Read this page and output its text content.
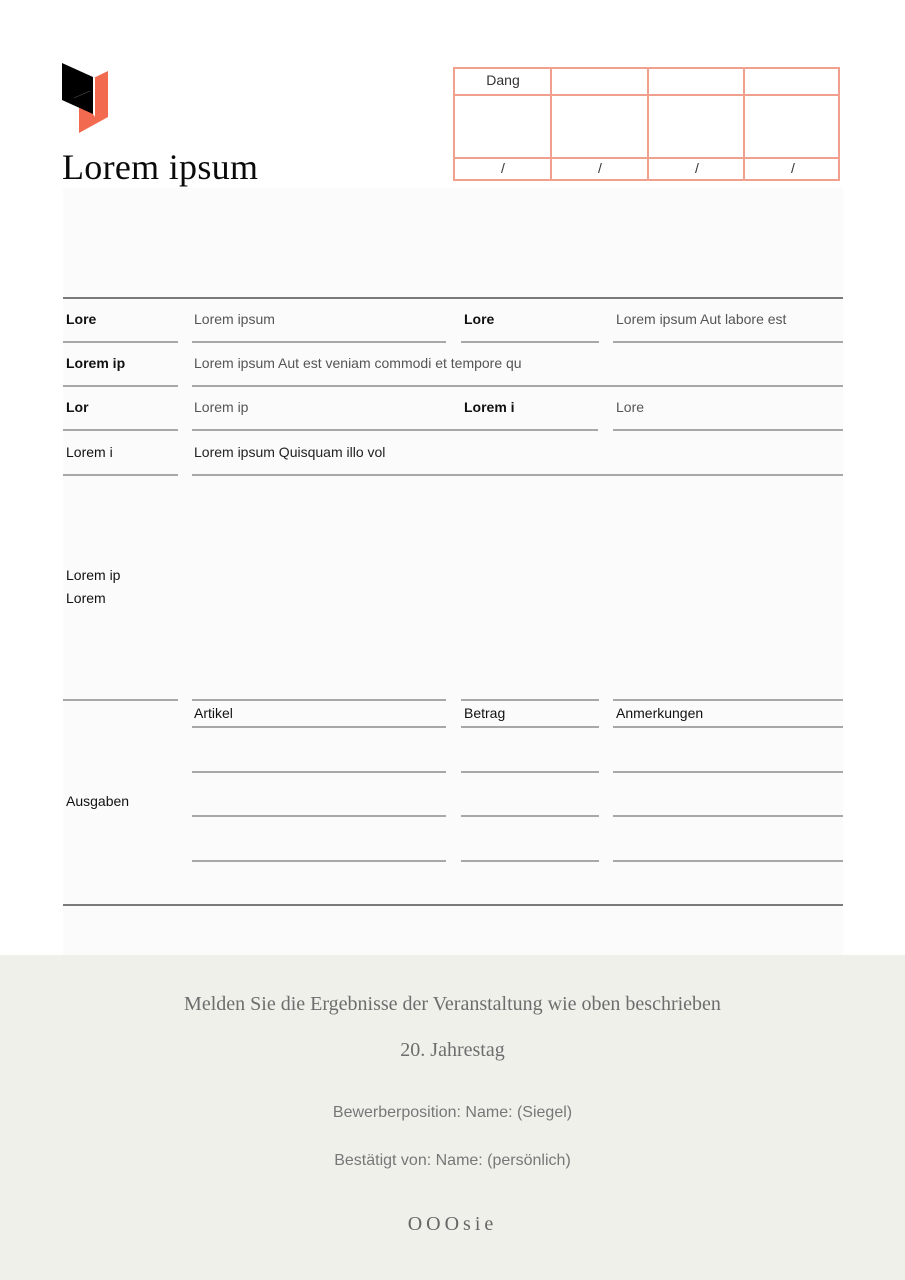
Lorem ipsum
Dang
/	/	/	/
Lore	Lorem ipsum	Lore	Lorem ipsum Aut labore est
Lorem ip	Lorem ipsum Aut est veniam commodi et tempore qu
Lor	Lorem ip	Lorem i	Lore
Lorem i	Lorem ipsum Quisquam illo vol
Lorem ip
Lorem
Artikel	Betrag	Anmerkungen
Ausgaben
Melden Sie die Ergebnisse der Veranstaltung wie oben beschrieben
20. Jahrestag
Bewerberposition: Name: (Siegel)
Bestätigt von: Name: (persönlich)
OOOsie
